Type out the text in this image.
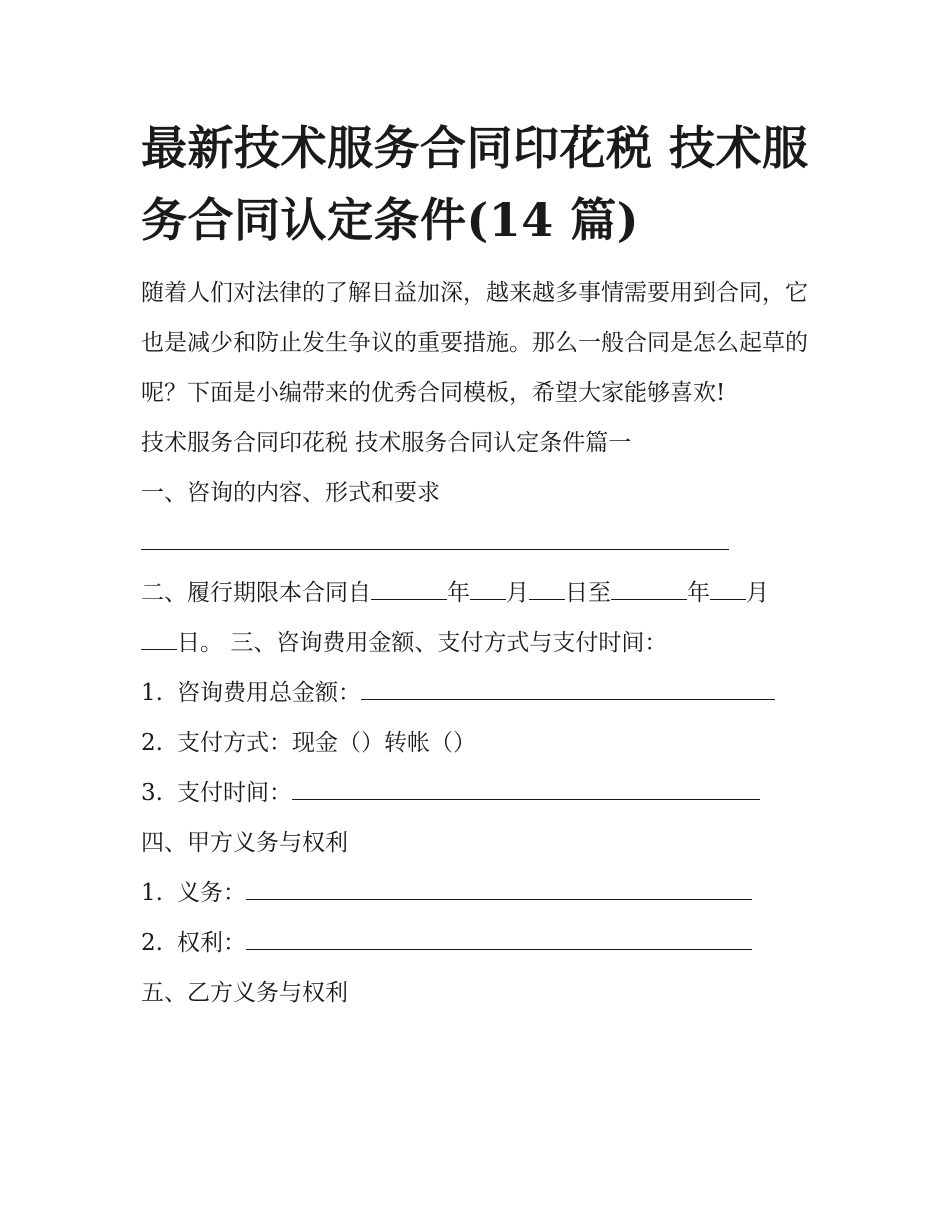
最新技术服务合同印花税 技术服务合同认定条件(14 篇)

随着人们对法律的了解日益加深，越来越多事情需要用到合同，它也是减少和防止发生争议的重要措施。那么一般合同是怎么起草的呢？下面是小编带来的优秀合同模板，希望大家能够喜欢!

技术服务合同印花税 技术服务合同认定条件篇一

一、咨询的内容、形式和要求

二、履行期限本合同自	年 月 日至	年 月

日。 三、咨询费用金额、支付方式与支付时间：

1. 咨询费用总金额：

2. 支付方式：现金（）转帐（）

3. 支付时间：

四、甲方义务与权利

1. 义务：

2. 权利：

五、乙方义务与权利
